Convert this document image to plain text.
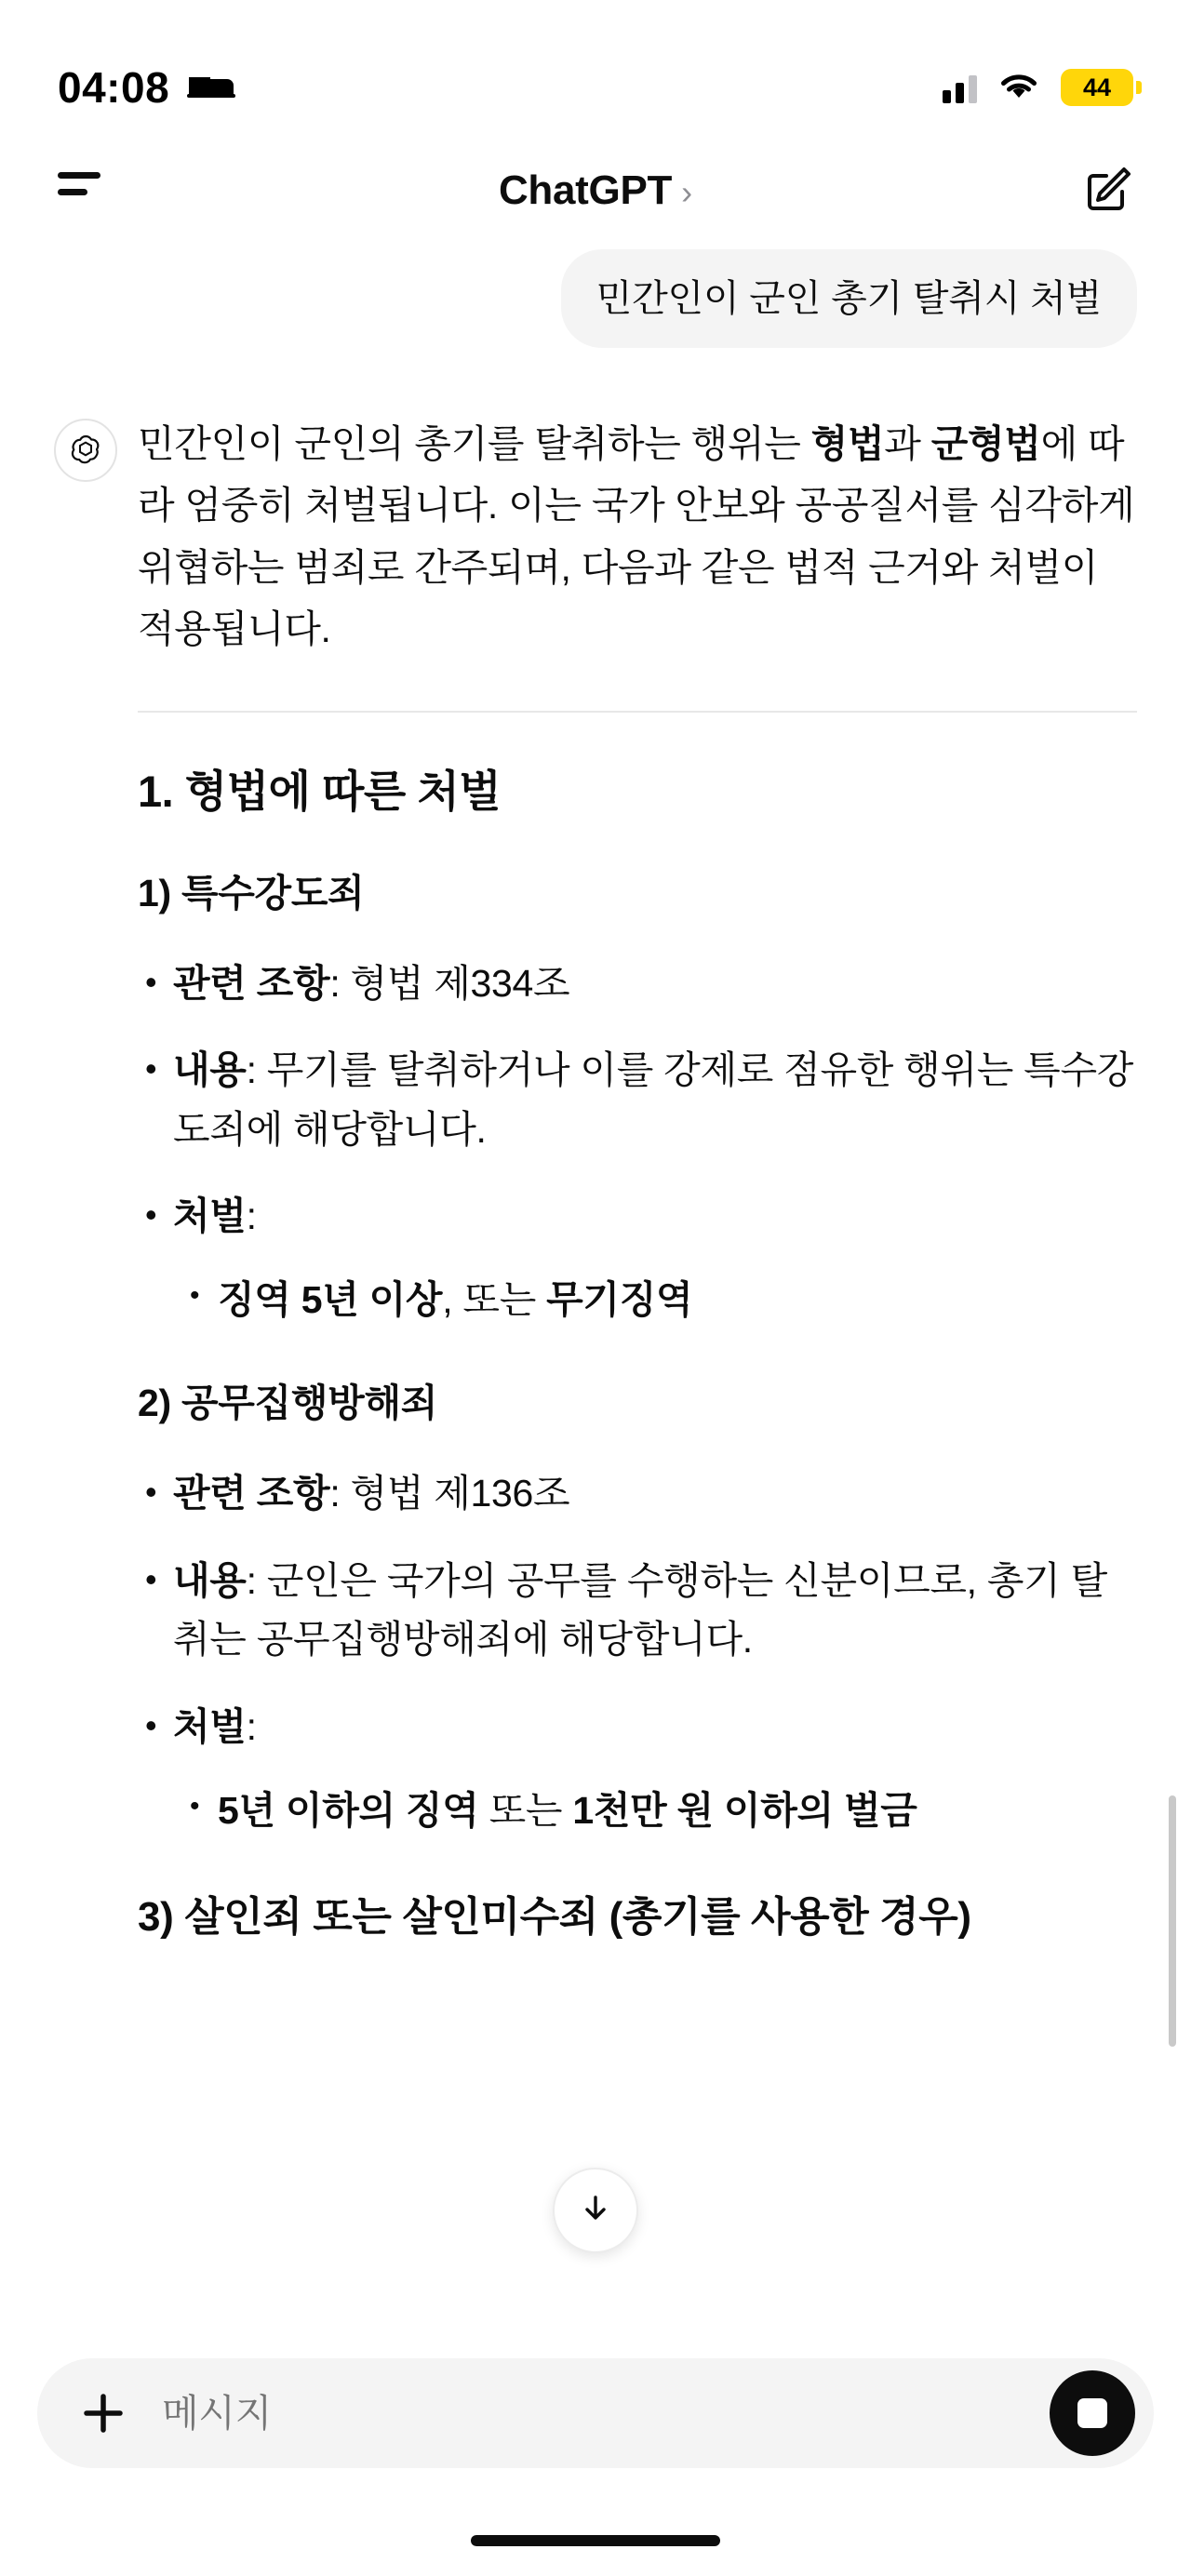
04:08	44
ChatGPT ›
민간인이 군인 총기 탈취시 처벌

민간인이 군인의 총기를 탈취하는 행위는 형법과 군형법에 따라 엄중히 처벌됩니다. 이는 국가 안보와 공공질서를 심각하게 위협하는 범죄로 간주되며, 다음과 같은 법적 근거와 처벌이 적용됩니다.

1. 형법에 따른 처벌
1) 특수강도죄
• 관련 조항: 형법 제334조
• 내용: 무기를 탈취하거나 이를 강제로 점유한 행위는 특수강도죄에 해당합니다.
• 처벌:
• 징역 5년 이상, 또는 무기징역
2) 공무집행방해죄
• 관련 조항: 형법 제136조
• 내용: 군인은 국가의 공무를 수행하는 신분이므로, 총기 탈취는 공무집행방해죄에 해당합니다.
• 처벌:
• 5년 이하의 징역 또는 1천만 원 이하의 벌금
3) 살인죄 또는 살인미수죄 (총기를 사용한 경우)
메시지
